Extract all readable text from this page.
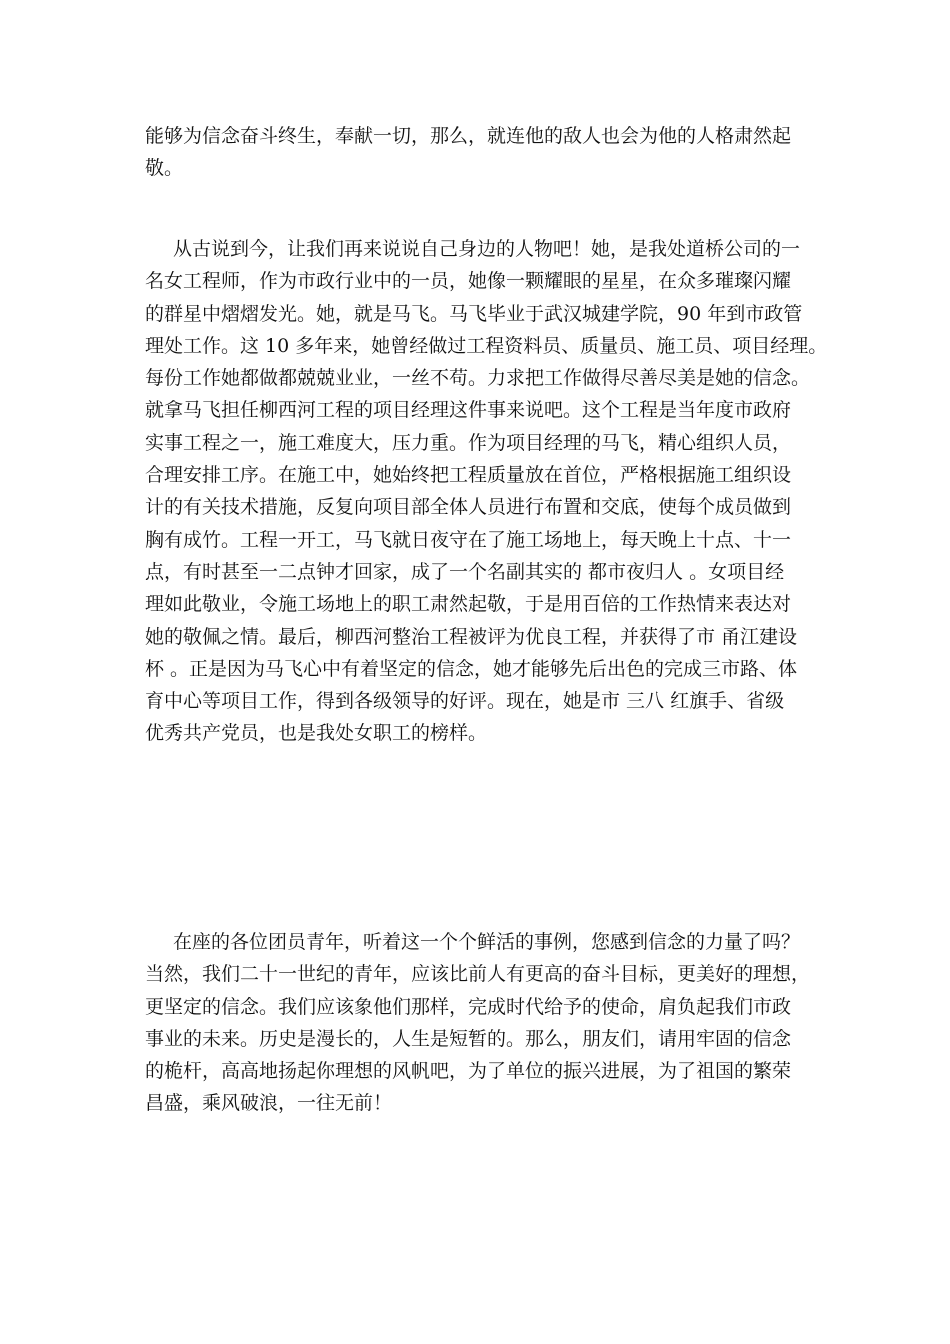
能够为信念奋斗终生，奉献一切，那么，就连他的敌人也会为他的人格肃然起
敬。
从古说到今，让我们再来说说自己身边的人物吧！她，是我处道桥公司的一
名女工程师，作为市政行业中的一员，她像一颗耀眼的星星，在众多璀璨闪耀
的群星中熠熠发光。她，就是马飞。马飞毕业于武汉城建学院，90 年到市政管
理处工作。这 10 多年来，她曾经做过工程资料员、质量员、施工员、项目经理。
每份工作她都做都兢兢业业，一丝不苟。力求把工作做得尽善尽美是她的信念。
就拿马飞担任柳西河工程的项目经理这件事来说吧。这个工程是当年度市政府
实事工程之一，施工难度大，压力重。作为项目经理的马飞，精心组织人员，
合理安排工序。在施工中，她始终把工程质量放在首位，严格根据施工组织设
计的有关技术措施，反复向项目部全体人员进行布置和交底，使每个成员做到
胸有成竹。工程一开工，马飞就日夜守在了施工场地上，每天晚上十点、十一
点，有时甚至一二点钟才回家，成了一个名副其实的 都市夜归人 。女项目经
理如此敬业，令施工场地上的职工肃然起敬，于是用百倍的工作热情来表达对
她的敬佩之情。最后，柳西河整治工程被评为优良工程，并获得了市 甬江建设
杯 。正是因为马飞心中有着坚定的信念，她才能够先后出色的完成三市路、体
育中心等项目工作，得到各级领导的好评。现在，她是市 三八 红旗手、省级
优秀共产党员，也是我处女职工的榜样。
在座的各位团员青年，听着这一个个鲜活的事例，您感到信念的力量了吗？
当然，我们二十一世纪的青年，应该比前人有更高的奋斗目标，更美好的理想，
更坚定的信念。我们应该象他们那样，完成时代给予的使命，肩负起我们市政
事业的未来。历史是漫长的，人生是短暂的。那么，朋友们，请用牢固的信念
的桅杆，高高地扬起你理想的风帆吧，为了单位的振兴进展，为了祖国的繁荣
昌盛，乘风破浪，一往无前！
